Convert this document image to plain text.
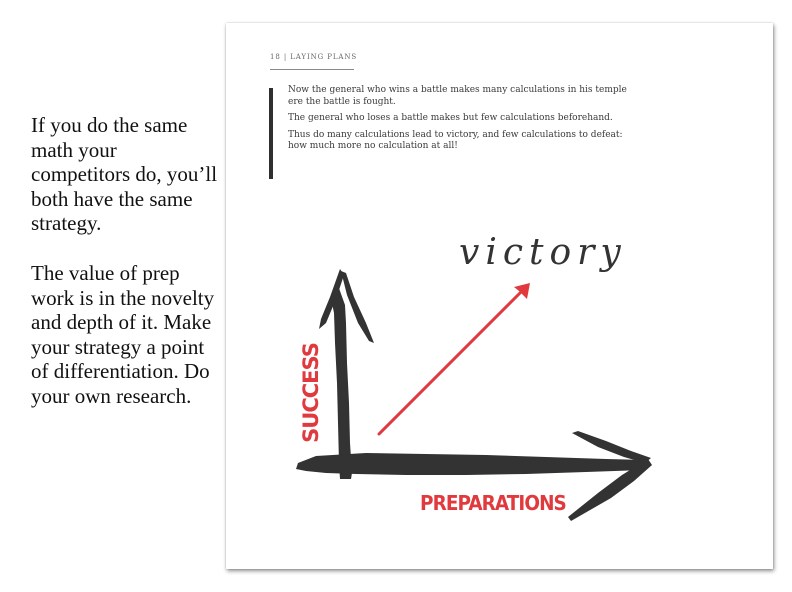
If you do the same math your competitors do, you’ll both have the same strategy.

The value of prep work is in the novelty and depth of it. Make your strategy a point of differentiation. Do your own research.

18 | LAYING PLANS

Now the general who wins a battle makes many calculations in his temple ere the battle is fought.

The general who loses a battle makes but few calculations beforehand.

Thus do many calculations lead to victory, and few calculations to defeat: how much more no calculation at all!

victory
SUCCESS
PREPARATIONS
